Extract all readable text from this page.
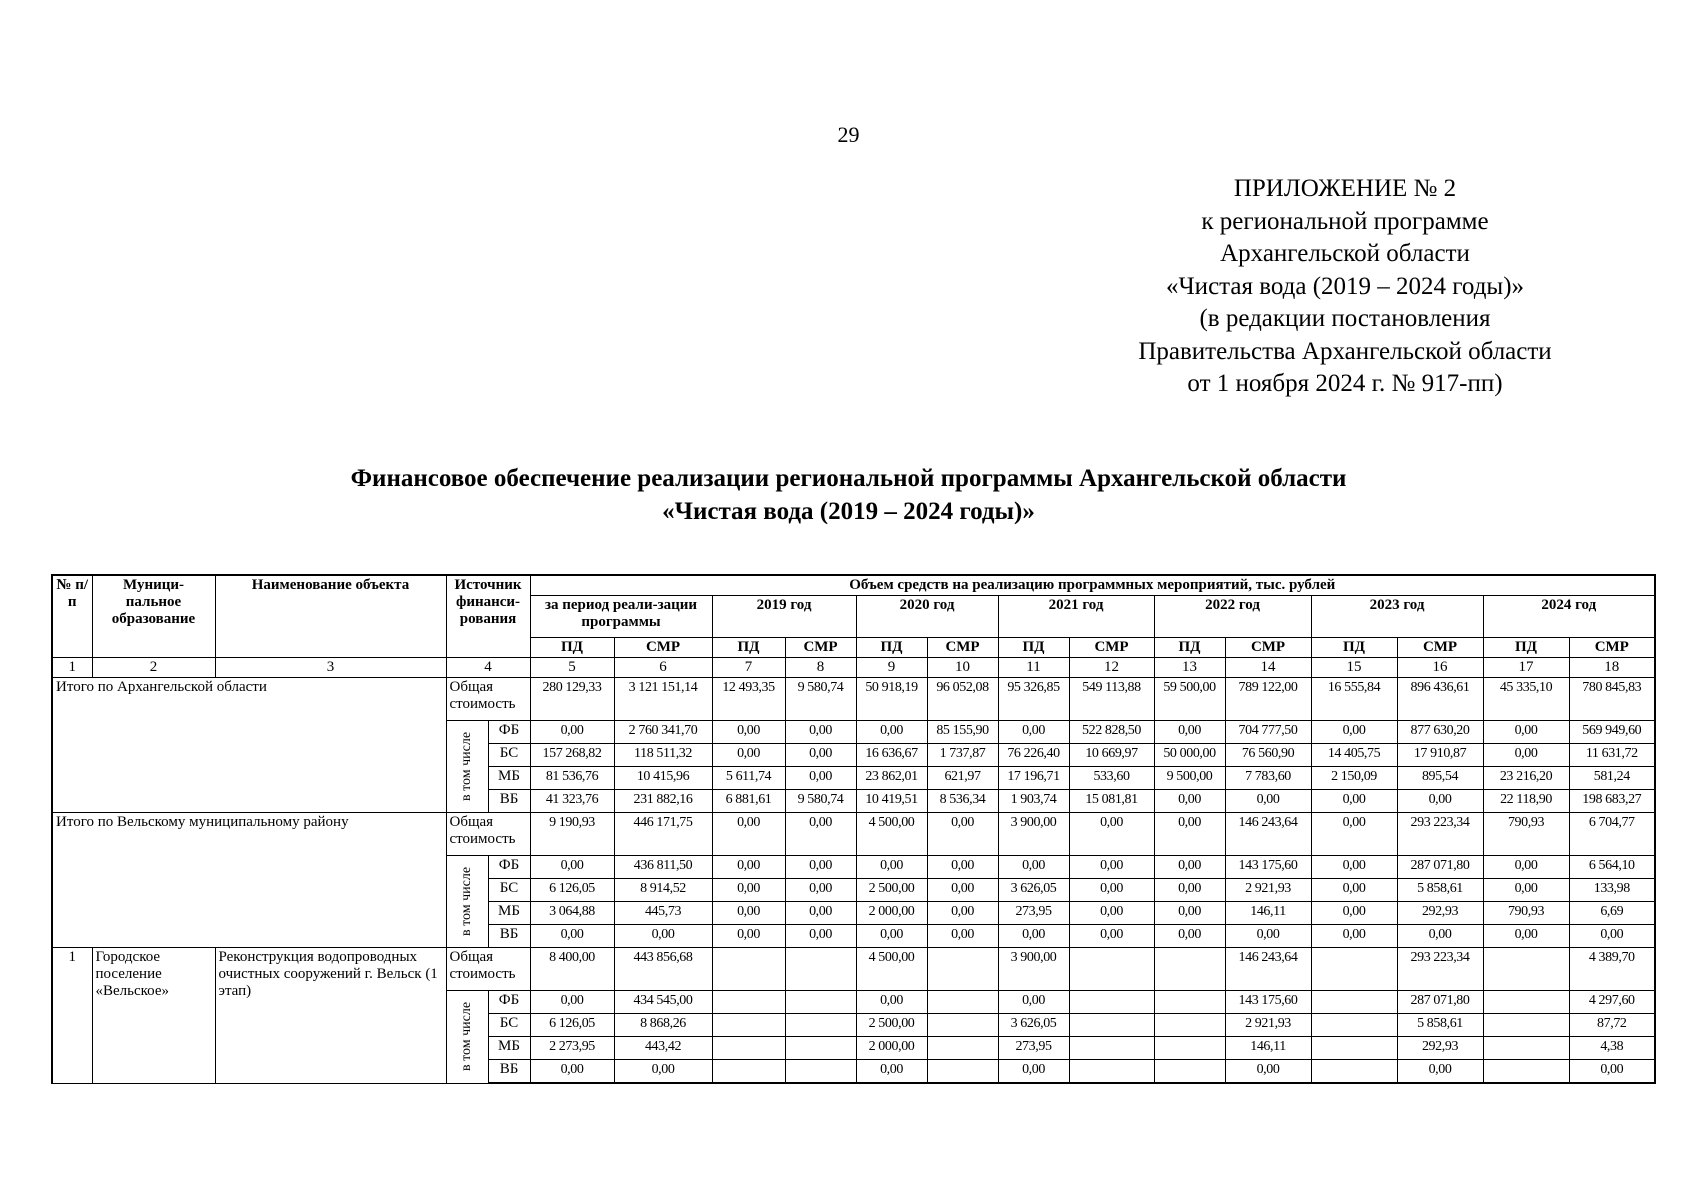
29
ПРИЛОЖЕНИЕ № 2
к региональной программе
Архангельской области
«Чистая вода (2019 – 2024 годы)»
(в редакции постановления
Правительства Архангельской области
от 1 ноября 2024 г. № 917-пп)
Финансовое обеспечение реализации региональной программы Архангельской области
«Чистая вода (2019 – 2024 годы)»
№ п/п	Муници-пальное образование	Наименование объекта	Источник финанси-рования		Объем средств на реализацию программных мероприятий, тыс. рублей													
					за период реали-зации программы		2019 год		2020 год		2021 год		2022 год		2023 год		2024 год	
					ПД	СМР	ПД	СМР	ПД	СМР	ПД	СМР	ПД	СМР	ПД	СМР	ПД	СМР
1	2	3	4		5	6	7	8	9	10	11	12	13	14	15	16	17	18
Итого по Архангельской области			Общая стоимость		280 129,33	3 121 151,14	12 493,35	9 580,74	50 918,19	96 052,08	95 326,85	549 113,88	59 500,00	789 122,00	16 555,84	896 436,61	45 335,10	780 845,83

			в том числе	ФБ	0,00	2 760 341,70	0,00	0,00	0,00	85 155,90	0,00	522 828,50	0,00	704 777,50	0,00	877 630,20	0,00	569 949,60
				БС	157 268,82	118 511,32	0,00	0,00	16 636,67	1 737,87	76 226,40	10 669,97	50 000,00	76 560,90	14 405,75	17 910,87	0,00	11 631,72
				МБ	81 536,76	10 415,96	5 611,74	0,00	23 862,01	621,97	17 196,71	533,60	9 500,00	7 783,60	2 150,09	895,54	23 216,20	581,24
				ВБ	41 323,76	231 882,16	6 881,61	9 580,74	10 419,51	8 536,34	1 903,74	15 081,81	0,00	0,00	0,00	0,00	22 118,90	198 683,27
Итого по Вельскому муниципальному району			Общая стоимость		9 190,93	446 171,75	0,00	0,00	4 500,00	0,00	3 900,00	0,00	0,00	146 243,64	0,00	293 223,34	790,93	6 704,77

			в том числе	ФБ	0,00	436 811,50	0,00	0,00	0,00	0,00	0,00	0,00	0,00	143 175,60	0,00	287 071,80	0,00	6 564,10
				БС	6 126,05	8 914,52	0,00	0,00	2 500,00	0,00	3 626,05	0,00	0,00	2 921,93	0,00	5 858,61	0,00	133,98
				МБ	3 064,88	445,73	0,00	0,00	2 000,00	0,00	273,95	0,00	0,00	146,11	0,00	292,93	790,93	6,69
				ВБ	0,00	0,00	0,00	0,00	0,00	0,00	0,00	0,00	0,00	0,00	0,00	0,00	0,00	0,00
1	Городское поселение «Вельское»	Реконструкция водопроводных очистных сооружений г. Вельск (1 этап)	Общая стоимость		8 400,00	443 856,68			4 500,00		3 900,00			146 243,64		293 223,34		4 389,70

			в том числе	ФБ	0,00	434 545,00			0,00		0,00			143 175,60		287 071,80		4 297,60
				БС	6 126,05	8 868,26			2 500,00		3 626,05			2 921,93		5 858,61		87,72
				МБ	2 273,95	443,42			2 000,00		273,95			146,11		292,93		4,38
				ВБ	0,00	0,00			0,00		0,00			0,00		0,00		0,00
